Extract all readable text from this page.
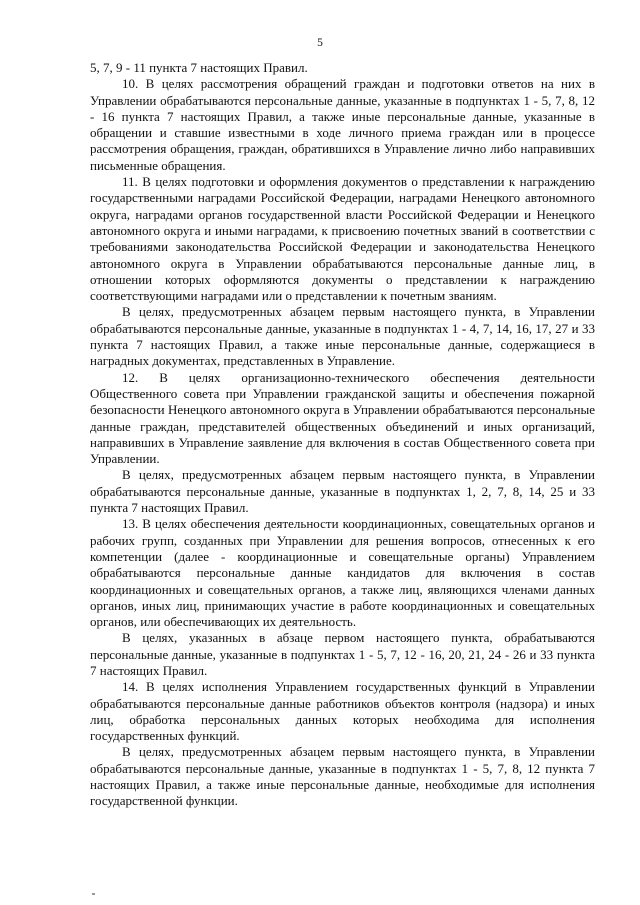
5

5, 7, 9 - 11 пункта 7 настоящих Правил.

10. В целях рассмотрения обращений граждан и подготовки ответов на них в Управлении обрабатываются персональные данные, указанные в подпунктах 1 - 5, 7, 8, 12 - 16 пункта 7 настоящих Правил, а также иные персональные данные, указанные в обращении и ставшие известными в ходе личного приема граждан или в процессе рассмотрения обращения, граждан, обратившихся в Управление лично либо направивших письменные обращения.

11. В целях подготовки и оформления документов о представлении к награждению государственными наградами Российской Федерации, наградами Ненецкого автономного округа, наградами органов государственной власти Российской Федерации и Ненецкого автономного округа и иными наградами, к присвоению почетных званий в соответствии с требованиями законодательства Российской Федерации и законодательства Ненецкого автономного округа в Управлении обрабатываются персональные данные лиц, в отношении которых оформляются документы о представлении к награждению соответствующими наградами или о представлении к почетным званиям.

В целях, предусмотренных абзацем первым настоящего пункта, в Управлении обрабатываются персональные данные, указанные в подпунктах 1 - 4, 7, 14, 16, 17, 27 и 33 пункта 7 настоящих Правил, а также иные персональные данные, содержащиеся в наградных документах, представленных в Управление.

12. В целях организационно-технического обеспечения деятельности Общественного совета при Управлении гражданской защиты и обеспечения пожарной безопасности Ненецкого автономного округа в Управлении обрабатываются персональные данные граждан, представителей общественных объединений и иных организаций, направивших в Управление заявление для включения в состав Общественного совета при Управлении.

В целях, предусмотренных абзацем первым настоящего пункта, в Управлении обрабатываются персональные данные, указанные в подпунктах 1, 2, 7, 8, 14, 25 и 33 пункта 7 настоящих Правил.

13. В целях обеспечения деятельности координационных, совещательных органов и рабочих групп, созданных при Управлении для решения вопросов, отнесенных к его компетенции (далее - координационные и совещательные органы) Управлением обрабатываются персональные данные кандидатов для включения в состав координационных и совещательных органов, а также лиц, являющихся членами данных органов, иных лиц, принимающих участие в работе координационных и совещательных органов, или обеспечивающих их деятельность.

В целях, указанных в абзаце первом настоящего пункта, обрабатываются персональные данные, указанные в подпунктах 1 - 5, 7, 12 - 16, 20, 21, 24 - 26 и 33 пункта 7 настоящих Правил.

14. В целях исполнения Управлением государственных функций в Управлении обрабатываются персональные данные работников объектов контроля (надзора) и иных лиц, обработка персональных данных которых необходима для исполнения государственных функций.

В целях, предусмотренных абзацем первым настоящего пункта, в Управлении обрабатываются персональные данные, указанные в подпунктах 1 - 5, 7, 8, 12 пункта 7 настоящих Правил, а также иные персональные данные, необходимые для исполнения государственной функции.
